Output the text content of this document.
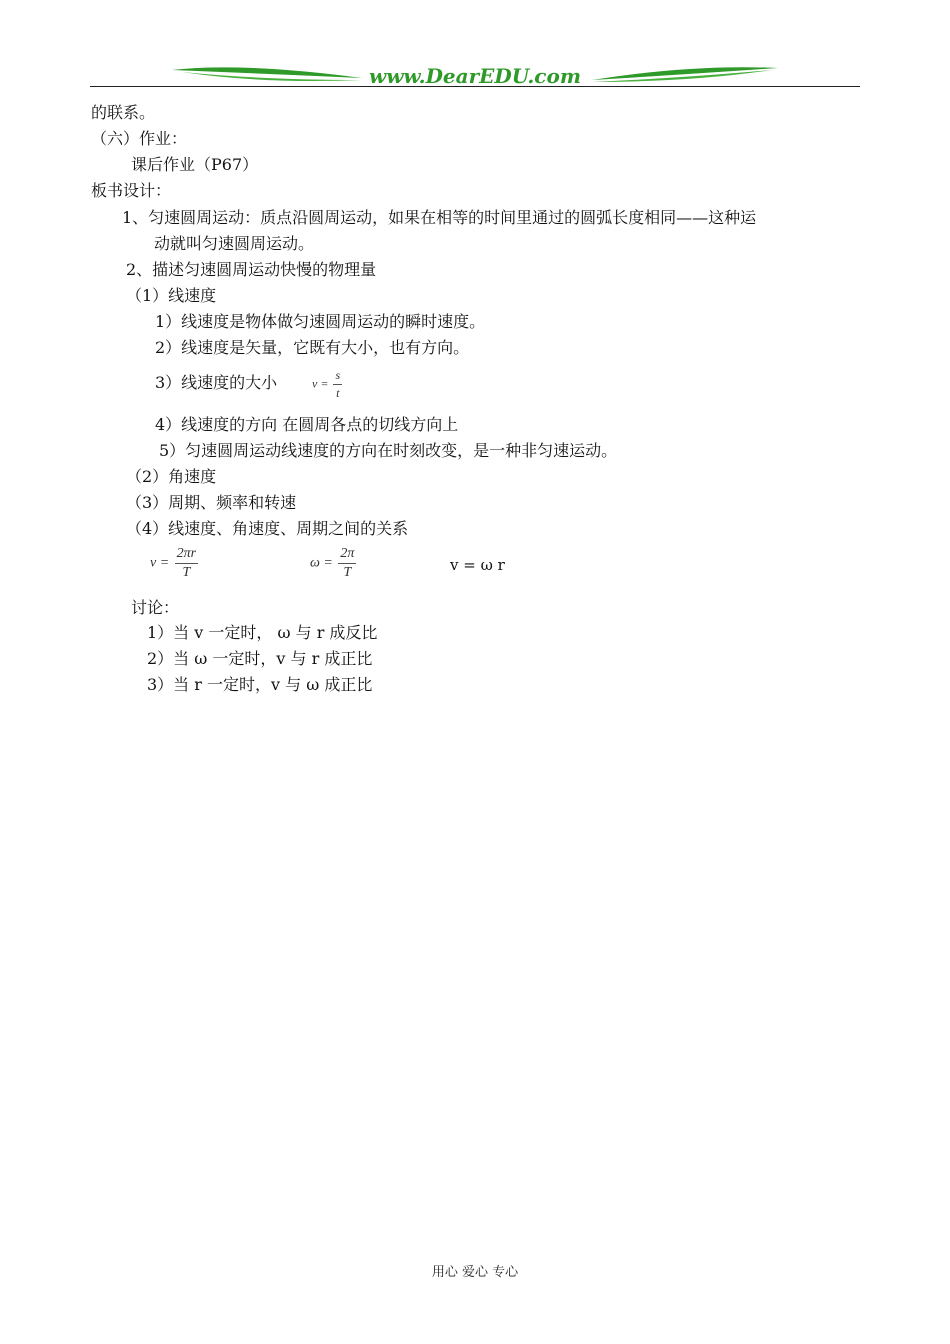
www.DearEDU.com
的联系。
（六）作业：
课后作业（P67）
板书设计：
1、匀速圆周运动：质点沿圆周运动，如果在相等的时间里通过的圆弧长度相同——这种运
动就叫匀速圆周运动。
2、描述匀速圆周运动快慢的物理量
（1）线速度
1）线速度是物体做匀速圆周运动的瞬时速度。
2）线速度是矢量，它既有大小，也有方向。
3）线速度的大小	$v = \frac{s}{t}$
4）线速度的方向 在圆周各点的切线方向上
5）匀速圆周运动线速度的方向在时刻改变，是一种非匀速运动。
（2）角速度
（3）周期、频率和转速
（4）线速度、角速度、周期之间的关系
$v = \frac{2\pi r}{T}$	$\omega = \frac{2\pi}{T}$	v = ω r
讨论：
1）当 v 一定时， ω 与 r 成反比
2）当 ω 一定时，v 与 r 成正比
3）当 r 一定时，v 与 ω 成正比
用心 爱心 专心
